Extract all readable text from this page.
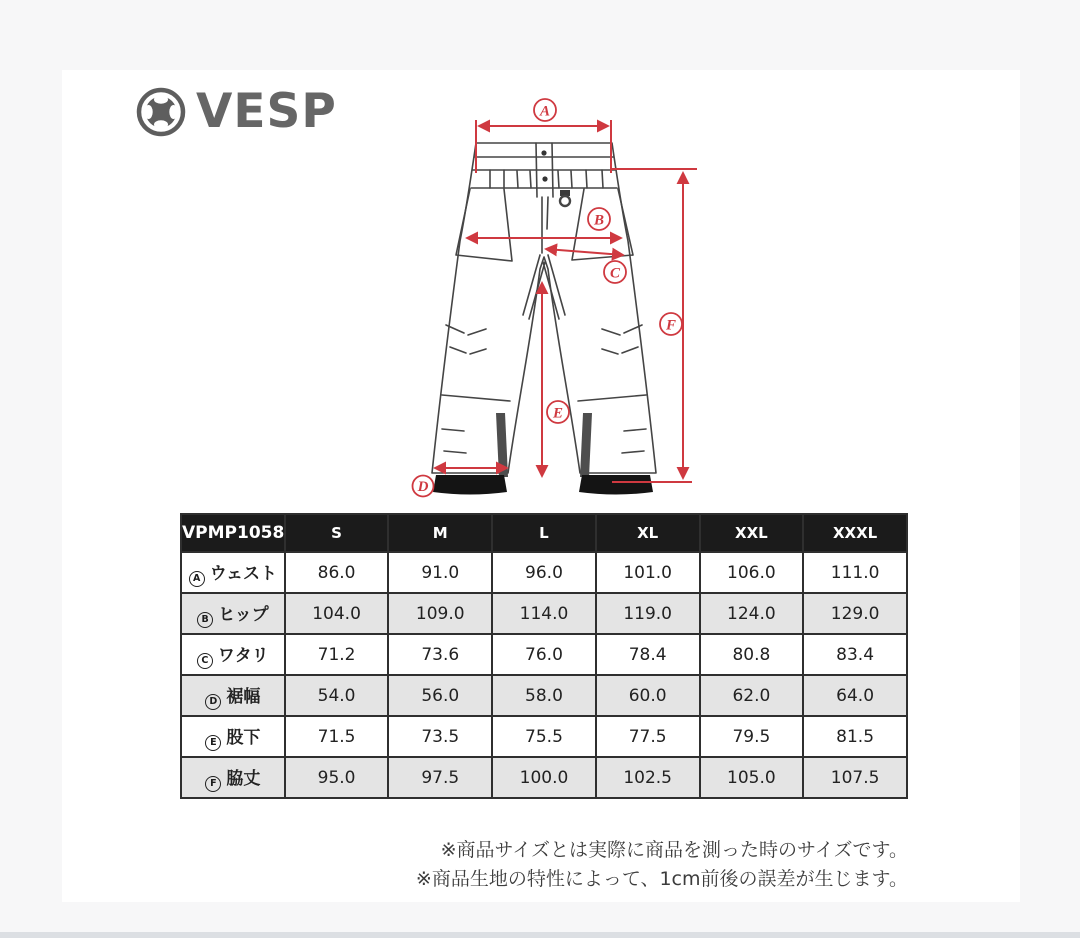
VESP	A
B
C
D
E
F
VPMP1058	S	M	L	XL	XXL	XXXL
A ウェスト	86.0	91.0	96.0	101.0	106.0	111.0
B ヒップ	104.0	109.0	114.0	119.0	124.0	129.0
C ワタリ	71.2	73.6	76.0	78.4	80.8	83.4
D 裾幅	54.0	56.0	58.0	60.0	62.0	64.0
E 股下	71.5	73.5	75.5	77.5	79.5	81.5
F 脇丈	95.0	97.5	100.0	102.5	105.0	107.5
※商品サイズとは実際に商品を測った時のサイズです。
※商品生地の特性によって、1cm前後の誤差が生じます。
